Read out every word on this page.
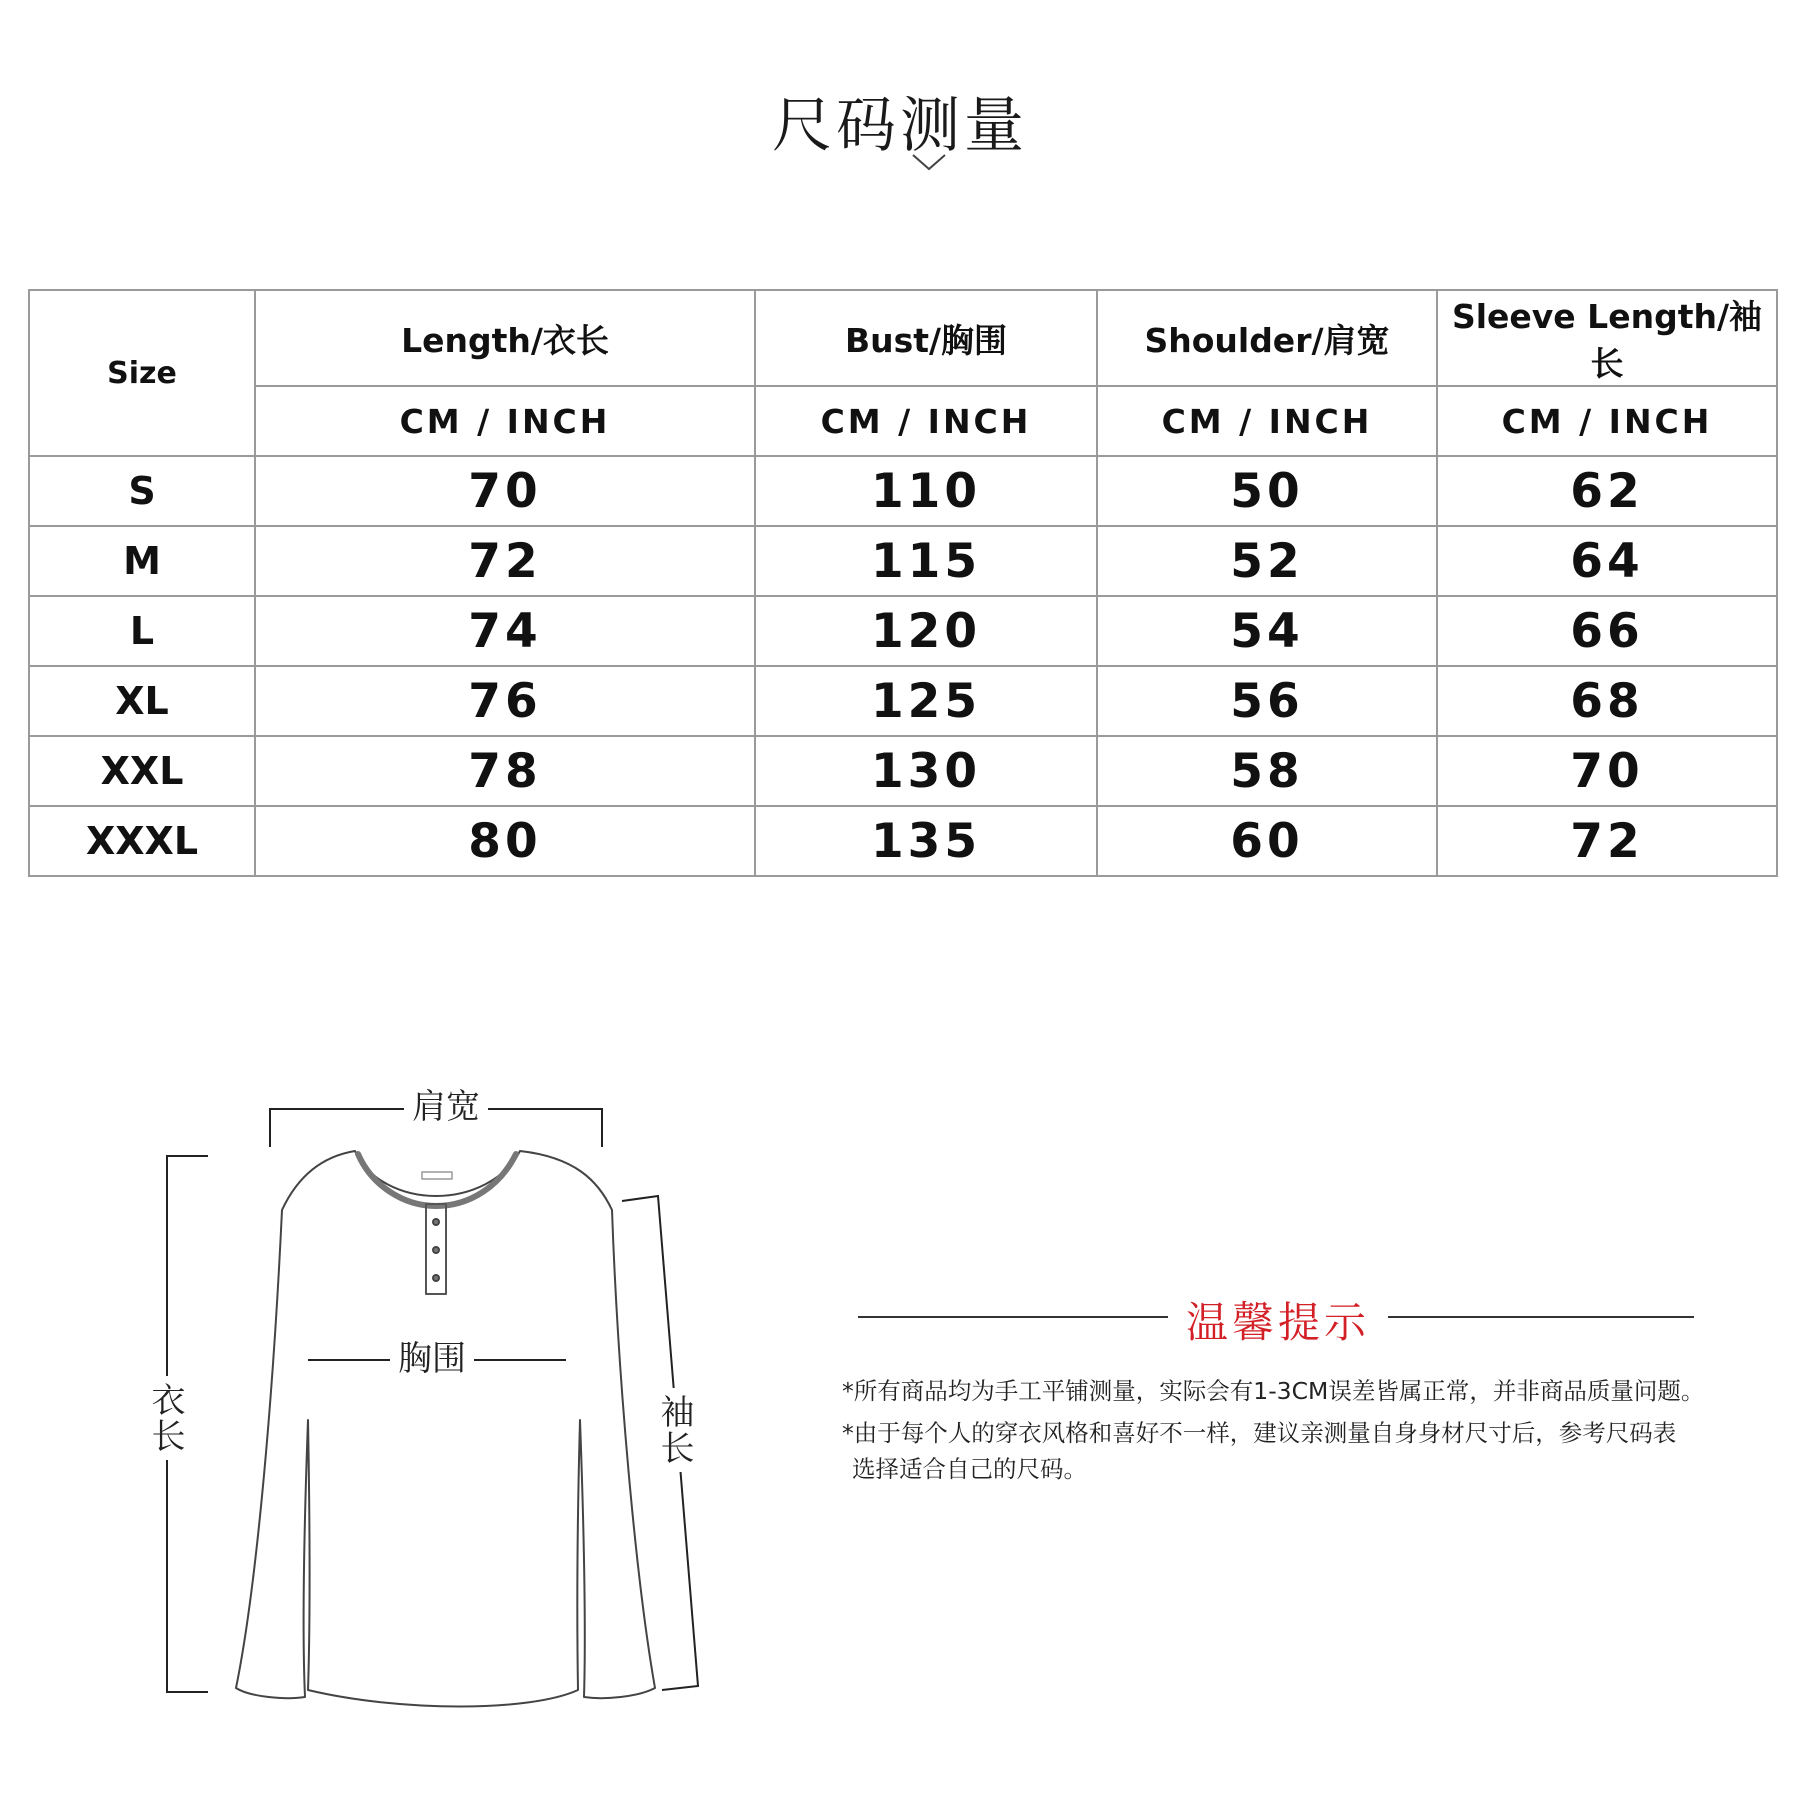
尺码测量
Size	Length/衣长	Bust/胸围	Shoulder/肩宽	Sleeve Length/袖长
	CM / INCH	CM / INCH	CM / INCH	CM / INCH
S	70	110	50	62
M	72	115	52	64
L	74	120	54	66
XL	76	125	56	68
XXL	78	130	58	70
XXXL	80	135	60	72
肩宽
胸围
衣长	袖长
温馨提示
*所有商品均为手工平铺测量，实际会有1-3CM误差皆属正常，并非商品质量问题。
*由于每个人的穿衣风格和喜好不一样，建议亲测量自身身材尺寸后，参考尺码表
选择适合自己的尺码。
